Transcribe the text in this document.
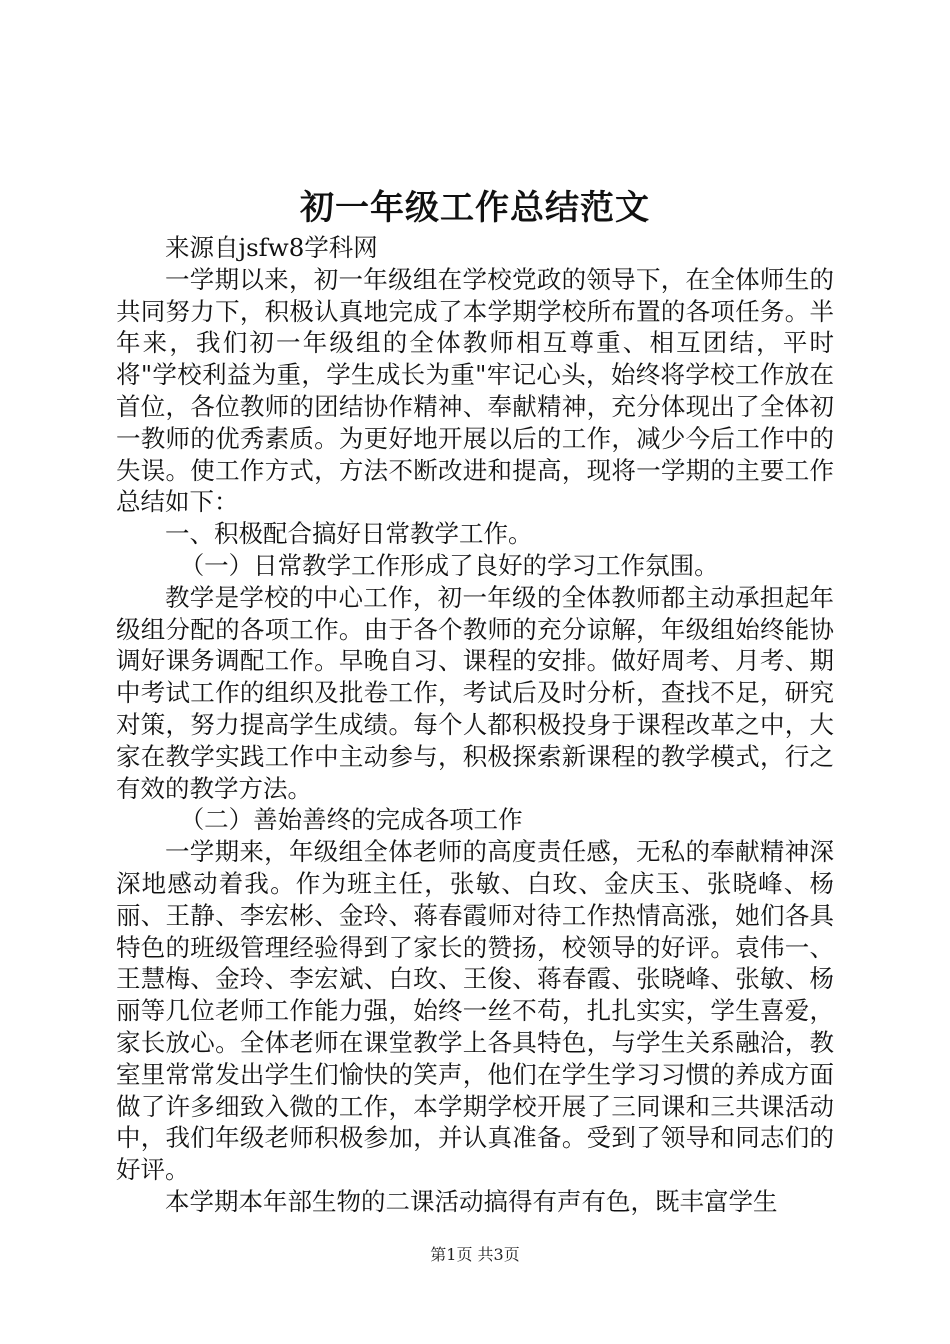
初一年级工作总结范文

来源自jsfw8学科网

一学期以来，初一年级组在学校党政的领导下，在全体师生的共同努力下，积极认真地完成了本学期学校所布置的各项任务。半年来，我们初一年级组的全体教师相互尊重、相互团结，平时将"学校利益为重，学生成长为重"牢记心头，始终将学校工作放在首位，各位教师的团结协作精神、奉献精神，充分体现出了全体初一教师的优秀素质。为更好地开展以后的工作，减少今后工作中的失误。使工作方式，方法不断改进和提高，现将一学期的主要工作总结如下：

一、积极配合搞好日常教学工作。

（一）日常教学工作形成了良好的学习工作氛围。

教学是学校的中心工作，初一年级的全体教师都主动承担起年级组分配的各项工作。由于各个教师的充分谅解，年级组始终能协调好课务调配工作。早晚自习、课程的安排。做好周考、月考、期中考试工作的组织及批卷工作，考试后及时分析，查找不足，研究对策，努力提高学生成绩。每个人都积极投身于课程改革之中，大家在教学实践工作中主动参与，积极探索新课程的教学模式，行之有效的教学方法。

（二）善始善终的完成各项工作

一学期来，年级组全体老师的高度责任感，无私的奉献精神深深地感动着我。作为班主任，张敏、白玫、金庆玉、张晓峰、杨丽、王静、李宏彬、金玲、蒋春霞师对待工作热情高涨，她们各具特色的班级管理经验得到了家长的赞扬，校领导的好评。袁伟一、王慧梅、金玲、李宏斌、白玫、王俊、蒋春霞、张晓峰、张敏、杨丽等几位老师工作能力强，始终一丝不苟，扎扎实实，学生喜爱，家长放心。全体老师在课堂教学上各具特色，与学生关系融洽，教室里常常发出学生们愉快的笑声，他们在学生学习习惯的养成方面做了许多细致入微的工作，本学期学校开展了三同课和三共课活动中，我们年级老师积极参加，并认真准备。受到了领导和同志们的好评。

本学期本年部生物的二课活动搞得有声有色，既丰富学生

第1页 共3页
